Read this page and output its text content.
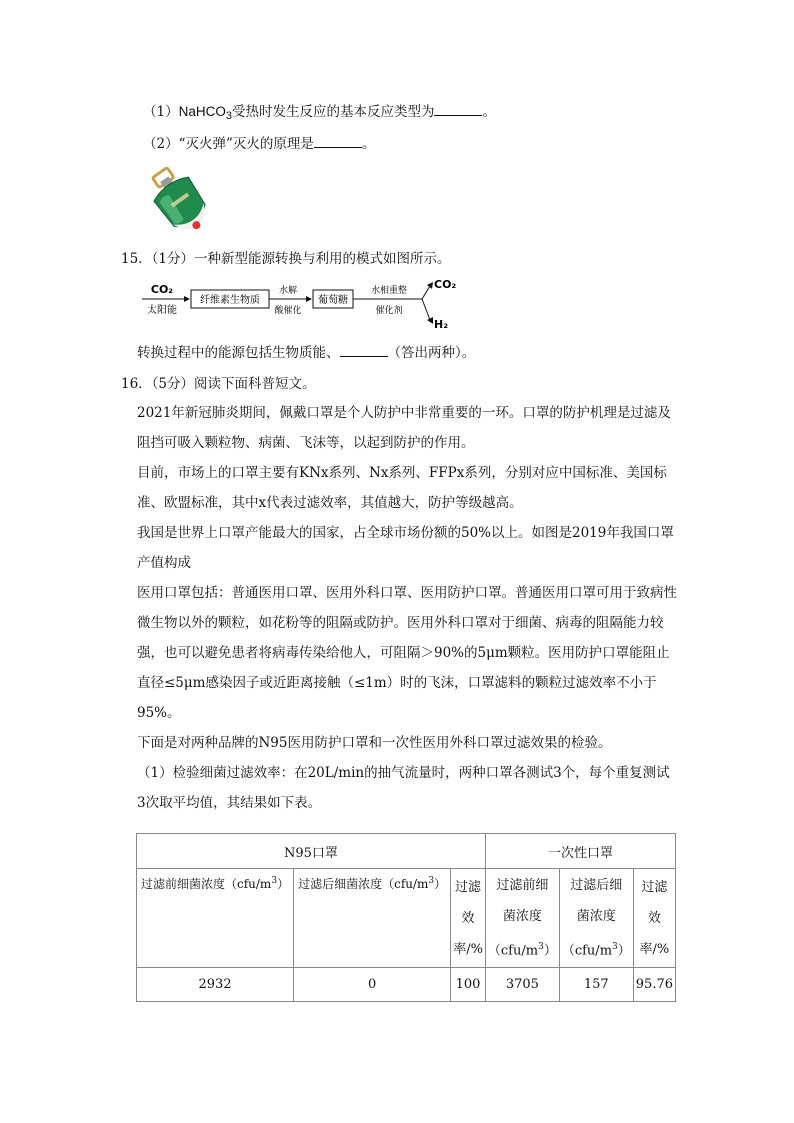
（1）NaHCO$_3$受热时发生反应的基本反应类型为	。
（2）“灭火弹”灭火的原理是	。
15．（1分）一种新型能源转换与利用的模式如图所示。
CO₂
太阳能
纤维素生物质
水解
酸催化
葡萄糖
水相重整
催化剂
CO₂
H₂
转换过程中的能源包括生物质能、	（答出两种）。
16．（5分）阅读下面科普短文。

2021年新冠肺炎期间，佩戴口罩是个人防护中非常重要的一环。口罩的防护机理是过滤及阻挡可吸入颗粒物、病菌、飞沫等，以起到防护的作用。

目前，市场上的口罩主要有KNx系列、Nx系列、FFPx系列，分别对应中国标准、美国标准、欧盟标准，其中x代表过滤效率，其值越大，防护等级越高。

我国是世界上口罩产能最大的国家，占全球市场份额的50%以上。如图是2019年我国口罩产值构成

医用口罩包括：普通医用口罩、医用外科口罩、医用防护口罩。普通医用口罩可用于致病性微生物以外的颗粒，如花粉等的阻隔或防护。医用外科口罩对于细菌、病毒的阻隔能力较强，也可以避免患者将病毒传染给他人，可阻隔＞90%的5μm颗粒。医用防护口罩能阻止直径≤5μm感染因子或近距离接触（≤1m）时的飞沫，口罩滤料的颗粒过滤效率不小于95%。

下面是对两种品牌的N95医用防护口罩和一次性医用外科口罩过滤效果的检验。

（1）检验细菌过滤效率：在20L/min的抽气流量时，两种口罩各测试3个，每个重复测试3次取平均值，其结果如下表。

N95口罩			一次性口罩		
过滤前细菌浓度$(cfu/m^3)$	过滤后细菌浓度$(cfu/m^3)$	过滤效率/%	过滤前细
菌浓度
$(cfu/m^3)$	过滤后细
菌浓度
$(cfu/m^3)$	过滤效率/%
2932	0	100	3705	157	95.76
